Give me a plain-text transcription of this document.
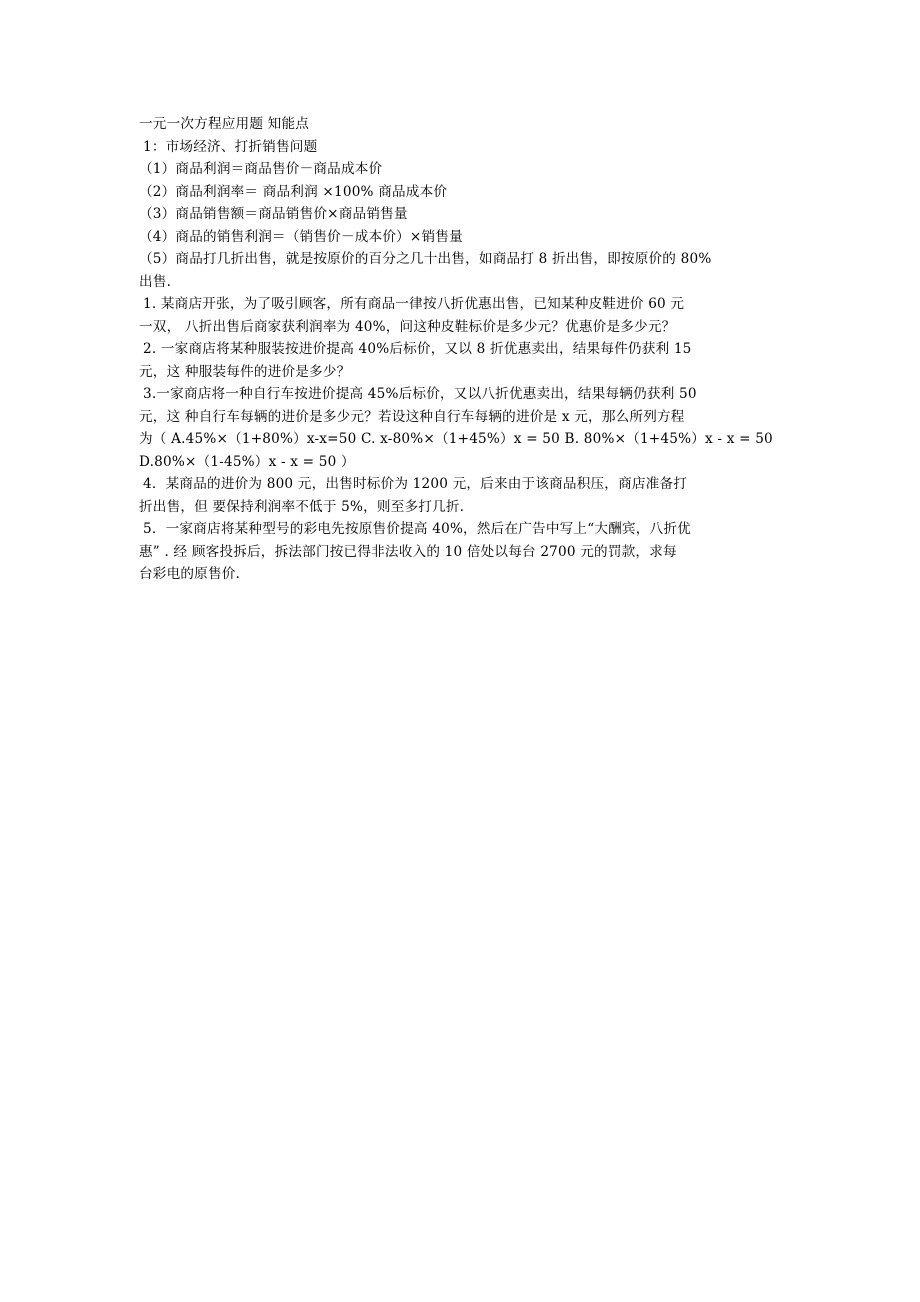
一元一次方程应用题 知能点
1：市场经济、打折销售问题
（1）商品利润＝商品售价－商品成本价
（2）商品利润率＝ 商品利润 ×100% 商品成本价
（3）商品销售额＝商品销售价×商品销售量
（4）商品的销售利润＝（销售价－成本价）×销售量
（5）商品打几折出售，就是按原价的百分之几十出售，如商品打 8 折出售，即按原价的 80%
出售.
1. 某商店开张，为了吸引顾客，所有商品一律按八折优惠出售，已知某种皮鞋进价 60 元
一双， 八折出售后商家获利润率为 40%，问这种皮鞋标价是多少元？优惠价是多少元？
2. 一家商店将某种服装按进价提高 40%后标价，又以 8 折优惠卖出，结果每件仍获利 15
元，这 种服装每件的进价是多少？
3.一家商店将一种自行车按进价提高 45%后标价，又以八折优惠卖出，结果每辆仍获利 50
元，这 种自行车每辆的进价是多少元？若设这种自行车每辆的进价是 x 元，那么所列方程
为（ A.45%×（1+80%）x-x=50 C. x-80%×（1+45%）x = 50 B. 80%×（1+45%）x - x = 50
D.80%×（1-45%）x - x = 50 ）
4．某商品的进价为 800 元，出售时标价为 1200 元，后来由于该商品积压，商店准备打
折出售，但 要保持利润率不低于 5%，则至多打几折.
5．一家商店将某种型号的彩电先按原售价提高 40%，然后在广告中写上“大酬宾，八折优
惠” . 经 顾客投拆后，拆法部门按已得非法收入的 10 倍处以每台 2700 元的罚款，求每
台彩电的原售价.
